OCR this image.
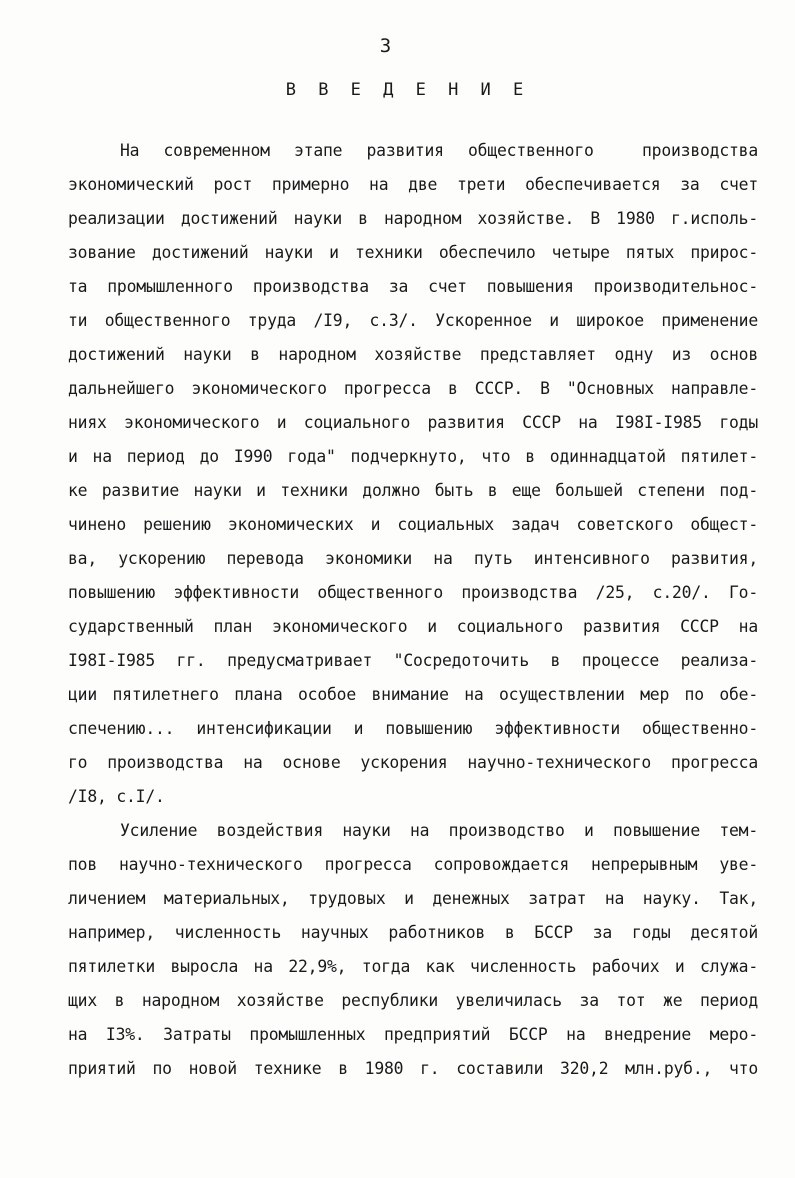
3
В В Е Д Е Н И Е
На современном этапе развития общественного  производства
экономический рост примерно на две трети обеспечивается за счет
реализации достижений науки в народном хозяйстве. В 1980 г.исполь-
зование достижений науки и техники обеспечило четыре пятых прирос-
та промышленного производства за счет повышения производительнос-
ти общественного труда /I9, с.3/. Ускоренное и широкое применение
достижений науки в народном хозяйстве представляет одну из основ
дальнейшего экономического прогресса в СССР. В "Основных направле-
ниях экономического и социального развития СССР на I98I-I985 годы
и на период до I990 года" подчеркнуто, что в одиннадцатой пятилет-
ке развитие науки и техники должно быть в еще большей степени под-
чинено решению экономических и социальных задач советского общест-
ва, ускорению перевода экономики на путь интенсивного развития,
повышению эффективности общественного производства /25, с.20/. Го-
сударственный план экономического и социального развития СССР на
I98I-I985 гг. предусматривает "Сосредоточить в процессе реализа-
ции пятилетнего плана особое внимание на осуществлении мер по обе-
спечению... интенсификации и повышению эффективности общественно-
го производства на основе ускорения научно-технического прогресса
/I8, с.I/.
Усиление воздействия науки на производство и повышение тем-
пов научно-технического прогресса сопровождается непрерывным уве-
личением материальных, трудовых и денежных затрат на науку. Так,
например, численность научных работников в БССР за годы десятой
пятилетки выросла на 22,9%, тогда как численность рабочих и служа-
щих в народном хозяйстве республики увеличилась за тот же период
на I3%. Затраты промышленных предприятий БССР на внедрение меро-
приятий по новой технике в 1980 г. составили 320,2 млн.руб., что
